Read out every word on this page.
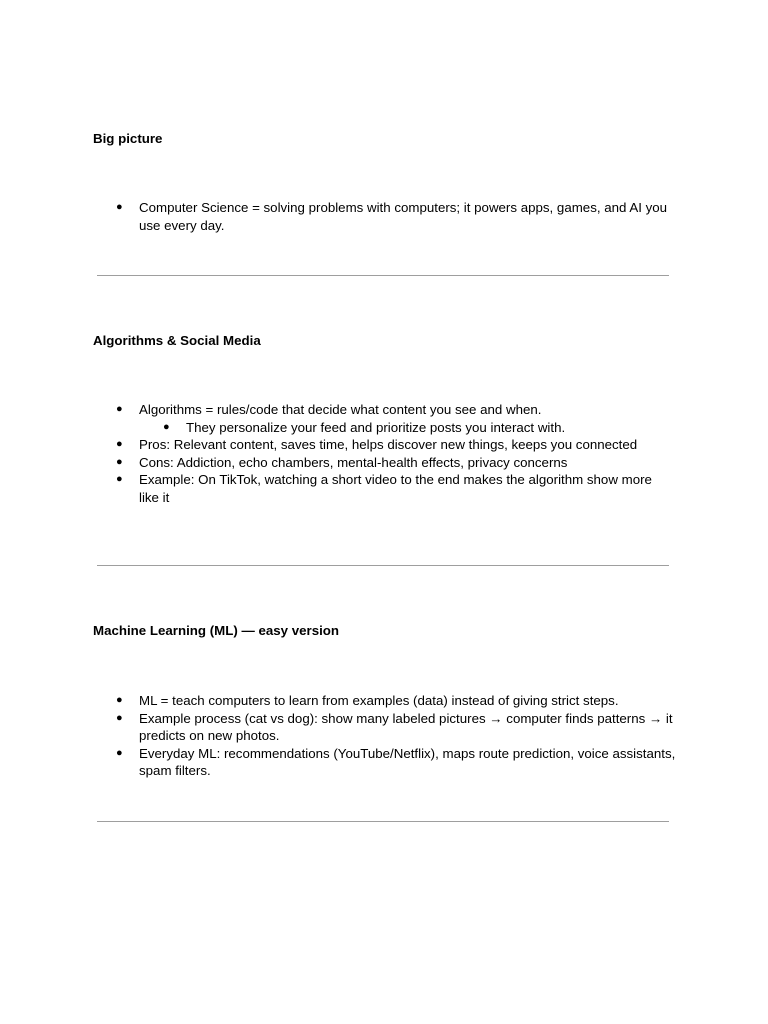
Big picture
● Computer Science = solving problems with computers; it powers apps, games, and AI you use every day.
Algorithms & Social Media
● Algorithms = rules/code that decide what content you see and when.
● They personalize your feed and prioritize posts you interact with.
● Pros: Relevant content, saves time, helps discover new things, keeps you connected
● Cons: Addiction, echo chambers, mental-health effects, privacy concerns
● Example: On TikTok, watching a short video to the end makes the algorithm show more like it
Machine Learning (ML) — easy version
● ML = teach computers to learn from examples (data) instead of giving strict steps.
● Example process (cat vs dog): show many labeled pictures → computer finds patterns → it predicts on new photos.
● Everyday ML: recommendations (YouTube/Netflix), maps route prediction, voice assistants, spam filters.
